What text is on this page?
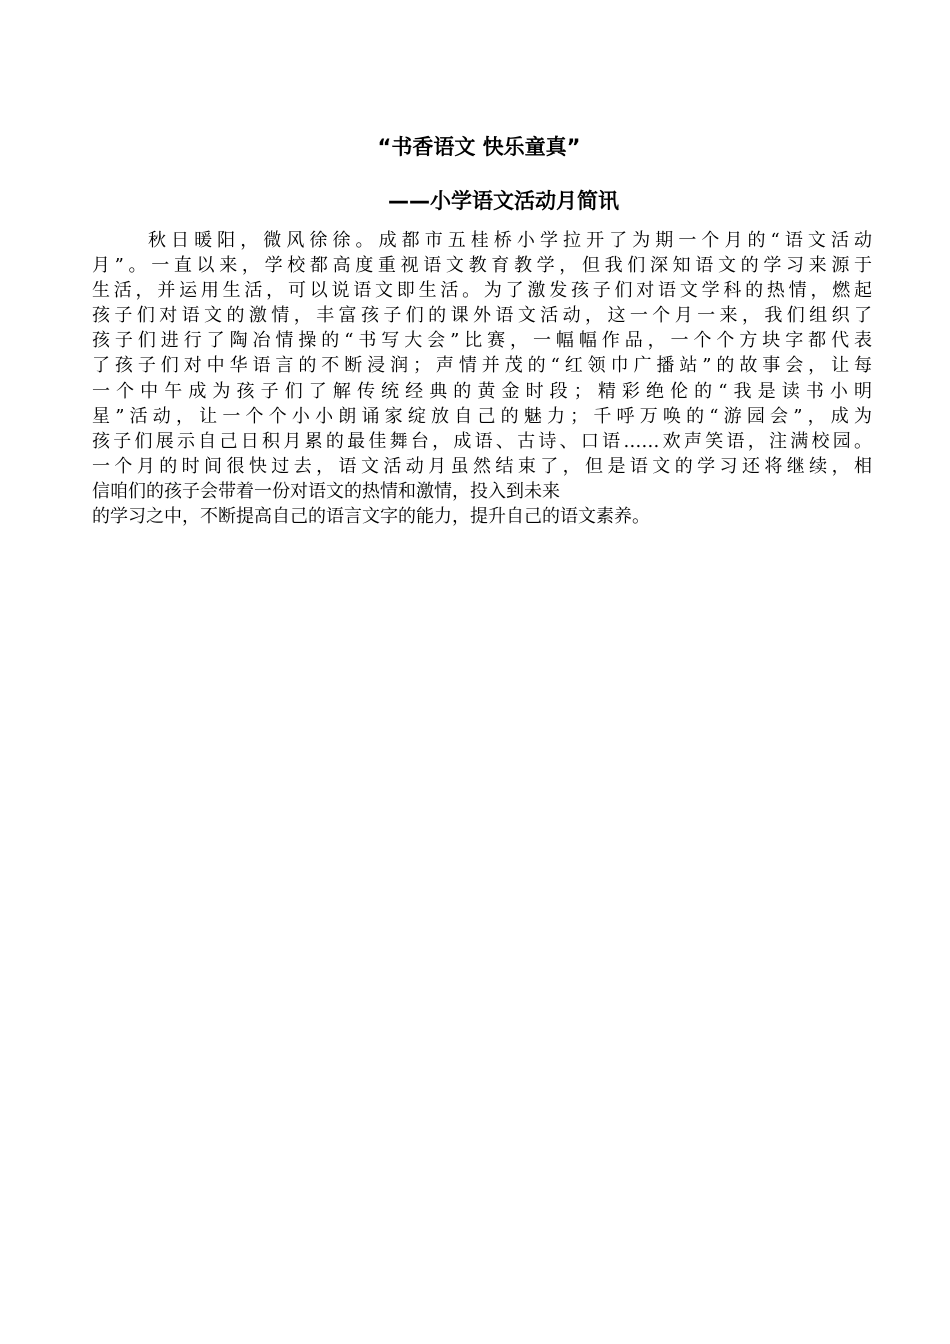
“书香语文 快乐童真”
——小学语文活动月简讯
秋日暖阳，微风徐徐。成都市五桂桥小学拉开了为期一个月的“语文活动
月”。一直以来，学校都高度重视语文教育教学，但我们深知语文的学习来源于
生活，并运用生活，可以说语文即生活。为了激发孩子们对语文学科的热情，燃起
孩子们对语文的激情，丰富孩子们的课外语文活动，这一个月一来，我们组织了
孩子们进行了陶冶情操的“书写大会”比赛，一幅幅作品，一个个方块字都代表
了孩子们对中华语言的不断浸润；声情并茂的“红领巾广播站”的故事会，让每
一个中午成为孩子们了解传统经典的黄金时段；精彩绝伦的“我是读书小明
星”活动，让一个个小小朗诵家绽放自己的魅力；千呼万唤的“游园会”，成为
孩子们展示自己日积月累的最佳舞台，成语、古诗、口语……欢声笑语，注满校园。
一个月的时间很快过去，语文活动月虽然结束了，但是语文的学习还将继续，相
信咱们的孩子会带着一份对语文的热情和激情，投入到未来
的学习之中，不断提高自己的语言文字的能力，提升自己的语文素养。
